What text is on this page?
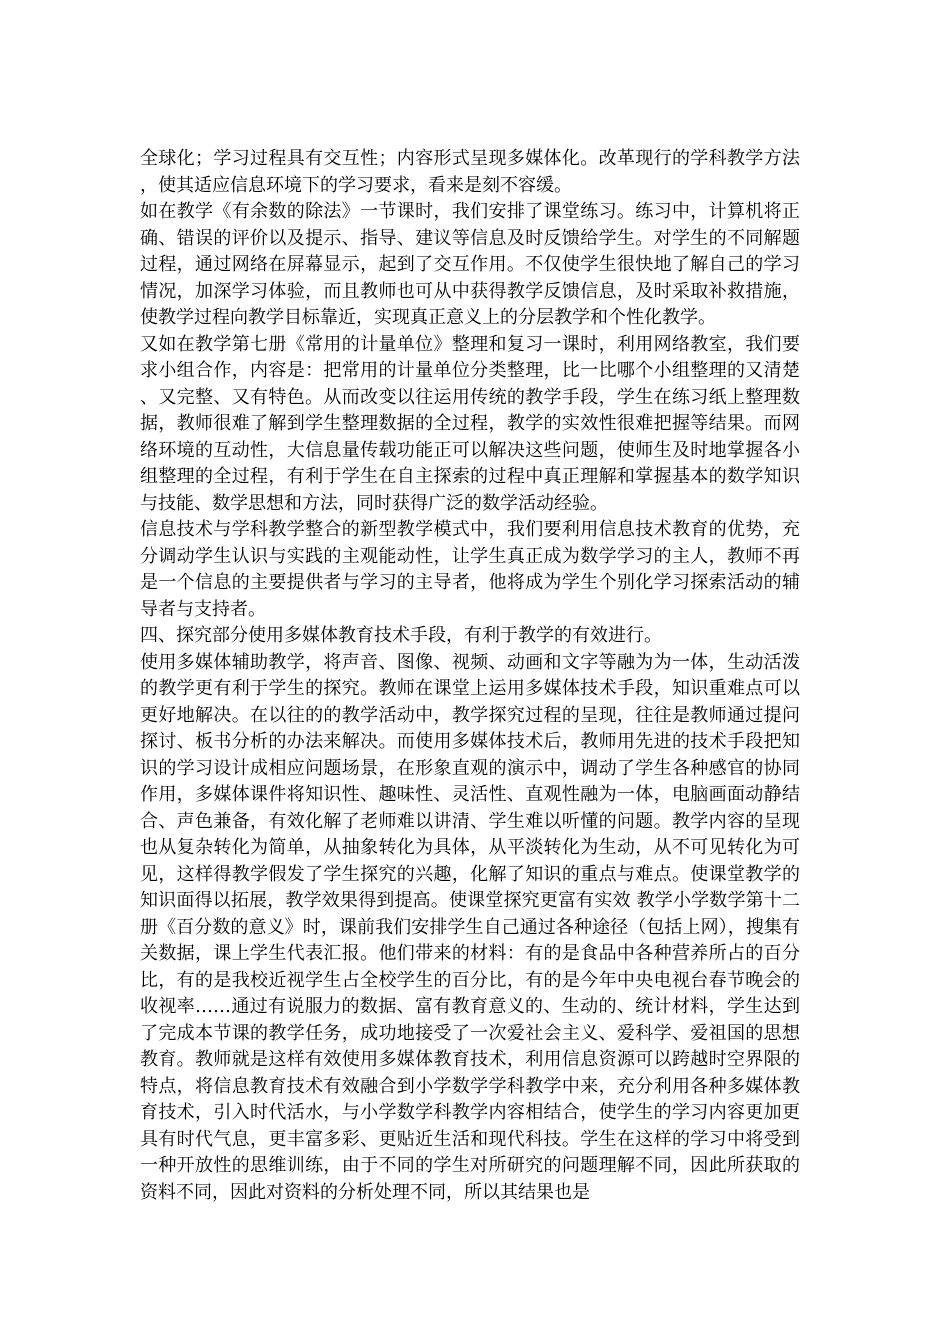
全球化；学习过程具有交互性；内容形式呈现多媒体化。改革现行的学科教学方法，使其适应信息环境下的学习要求，看来是刻不容缓。

如在教学《有余数的除法》一节课时，我们安排了课堂练习。练习中，计算机将正确、错误的评价以及提示、指导、建议等信息及时反馈给学生。对学生的不同解题过程，通过网络在屏幕显示，起到了交互作用。不仅使学生很快地了解自己的学习情况，加深学习体验，而且教师也可从中获得教学反馈信息，及时采取补救措施，使教学过程向教学目标靠近，实现真正意义上的分层教学和个性化教学。

又如在教学第七册《常用的计量单位》整理和复习一课时，利用网络教室，我们要求小组合作，内容是：把常用的计量单位分类整理，比一比哪个小组整理的又清楚、又完整、又有特色。从而改变以往运用传统的教学手段，学生在练习纸上整理数据，教师很难了解到学生整理数据的全过程，教学的实效性很难把握等结果。而网络环境的互动性，大信息量传载功能正可以解决这些问题，使师生及时地掌握各小组整理的全过程，有利于学生在自主探索的过程中真正理解和掌握基本的数学知识与技能、数学思想和方法，同时获得广泛的数学活动经验。

信息技术与学科教学整合的新型教学模式中，我们要利用信息技术教育的优势，充分调动学生认识与实践的主观能动性，让学生真正成为数学学习的主人，教师不再是一个信息的主要提供者与学习的主导者，他将成为学生个别化学习探索活动的辅导者与支持者。

四、探究部分使用多媒体教育技术手段，有利于教学的有效进行。

使用多媒体辅助教学，将声音、图像、视频、动画和文字等融为为一体，生动活泼的教学更有利于学生的探究。教师在课堂上运用多媒体技术手段，知识重难点可以更好地解决。在以往的的教学活动中，教学探究过程的呈现，往往是教师通过提问探讨、板书分析的办法来解决。而使用多媒体技术后，教师用先进的技术手段把知识的学习设计成相应问题场景，在形象直观的演示中，调动了学生各种感官的协同作用，多媒体课件将知识性、趣味性、灵活性、直观性融为一体，电脑画面动静结合、声色兼备，有效化解了老师难以讲清、学生难以听懂的问题。教学内容的呈现也从复杂转化为简单，从抽象转化为具体，从平淡转化为生动，从不可见转化为可见，这样得教学假发了学生探究的兴趣，化解了知识的重点与难点。使课堂教学的知识面得以拓展，教学效果得到提高。使课堂探究更富有实效 教学小学数学第十二册《百分数的意义》时，课前我们安排学生自己通过各种途径（包括上网），搜集有关数据，课上学生代表汇报。他们带来的材料：有的是食品中各种营养所占的百分比，有的是我校近视学生占全校学生的百分比，有的是今年中央电视台春节晚会的收视率……通过有说服力的数据、富有教育意义的、生动的、统计材料，学生达到了完成本节课的教学任务，成功地接受了一次爱社会主义、爱科学、爱祖国的思想教育。教师就是这样有效使用多媒体教育技术，利用信息资源可以跨越时空界限的特点，将信息教育技术有效融合到小学数学学科教学中来，充分利用各种多媒体教育技术，引入时代活水，与小学数学科教学内容相结合，使学生的学习内容更加更具有时代气息，更丰富多彩、更贴近生活和现代科技。学生在这样的学习中将受到一种开放性的思维训练，由于不同的学生对所研究的问题理解不同，因此所获取的资料不同，因此对资料的分析处理不同，所以其结果也是
